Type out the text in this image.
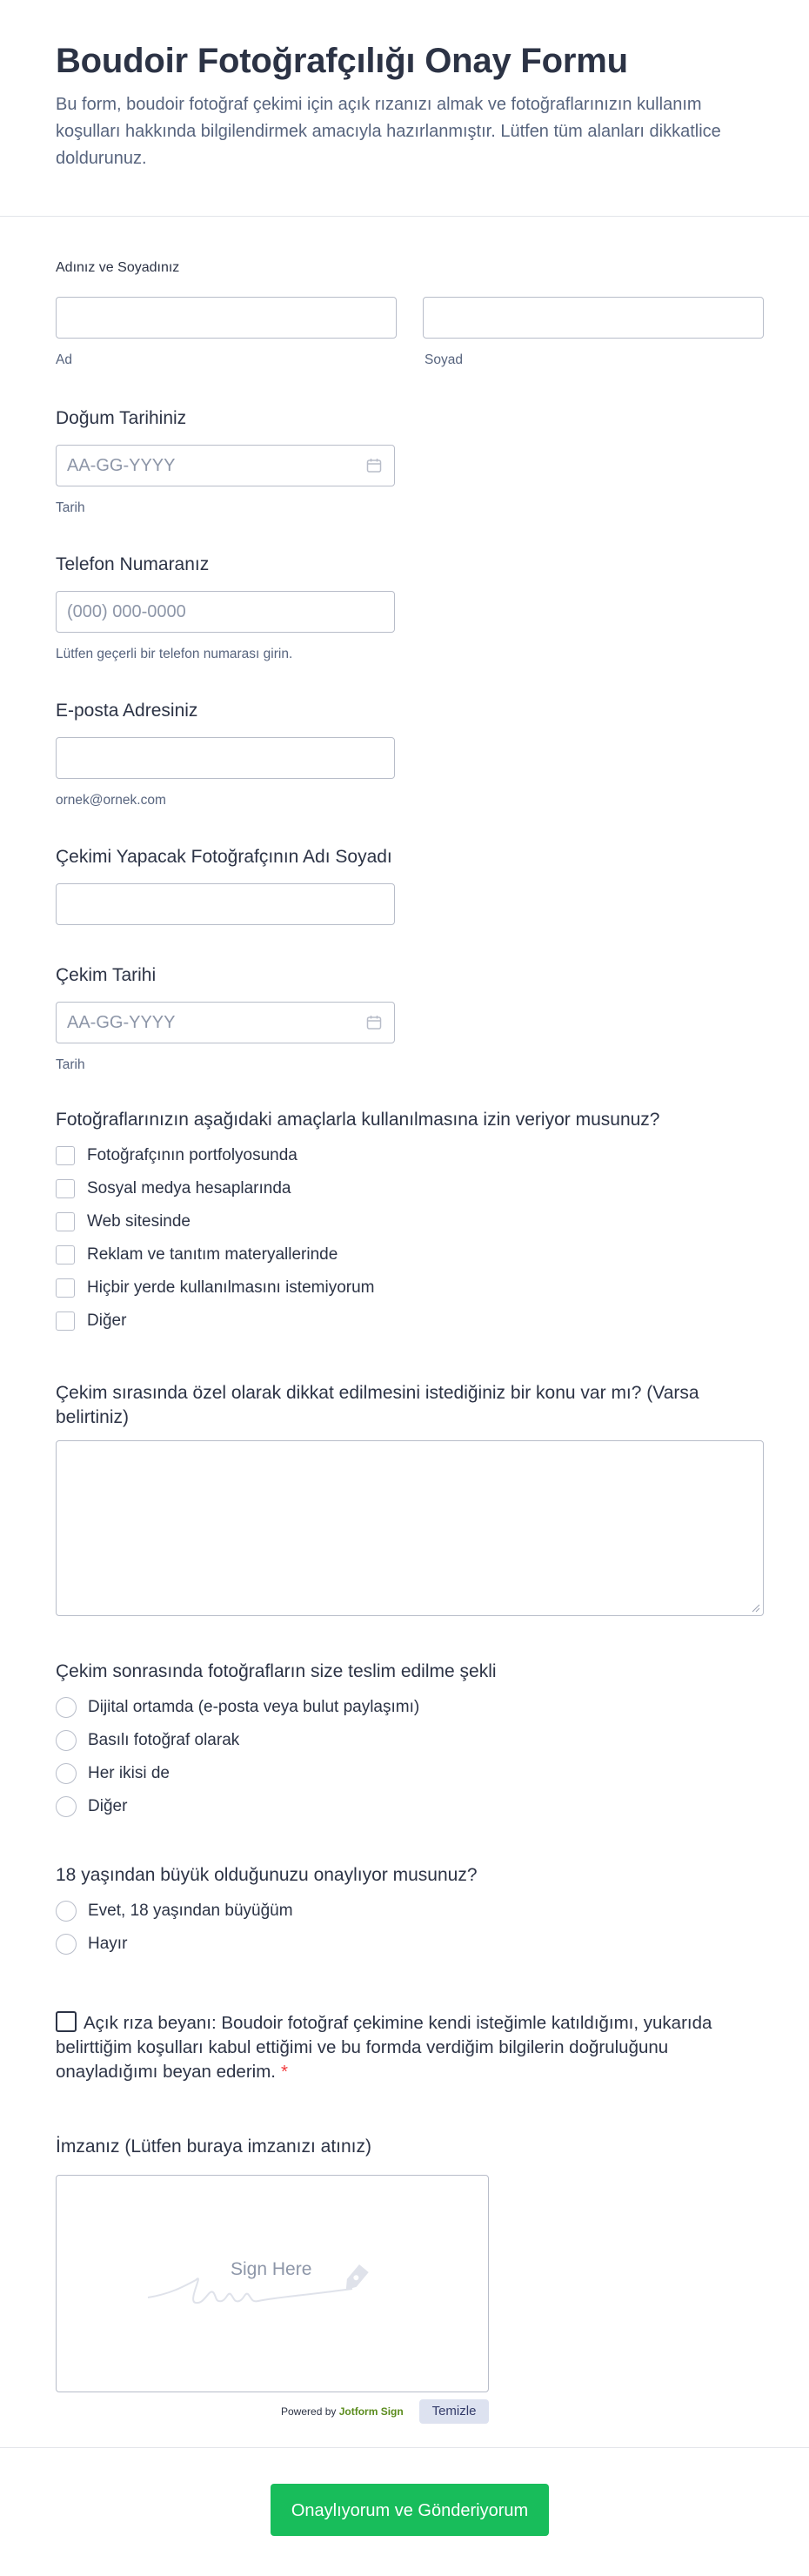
Boudoir Fotoğrafçılığı Onay Formu

Bu form, boudoir fotoğraf çekimi için açık rızanızı almak ve fotoğraflarınızın kullanım koşulları hakkında bilgilendirmek amacıyla hazırlanmıştır. Lütfen tüm alanları dikkatlice doldurunuz.

Adınız ve Soyadınız
Ad	Soyad
Doğum Tarihiniz
AA-GG-YYYY
Tarih
Telefon Numaranız
(000) 000-0000
Lütfen geçerli bir telefon numarası girin.
E-posta Adresiniz
ornek@ornek.com
Çekimi Yapacak Fotoğrafçının Adı Soyadı
Çekim Tarihi
AA-GG-YYYY
Tarih
Fotoğraflarınızın aşağıdaki amaçlarla kullanılmasına izin veriyor musunuz?
Fotoğrafçının portfolyosunda
Sosyal medya hesaplarında
Web sitesinde
Reklam ve tanıtım materyallerinde
Hiçbir yerde kullanılmasını istemiyorum
Diğer
Çekim sırasında özel olarak dikkat edilmesini istediğiniz bir konu var mı? (Varsa belirtiniz)
Çekim sonrasında fotoğrafların size teslim edilme şekli
Dijital ortamda (e-posta veya bulut paylaşımı)
Basılı fotoğraf olarak
Her ikisi de
Diğer
18 yaşından büyük olduğunuzu onaylıyor musunuz?
Evet, 18 yaşından büyüğüm
Hayır
Açık rıza beyanı: Boudoir fotoğraf çekimine kendi isteğimle katıldığımı, yukarıda belirttiğim koşulları kabul ettiğimi ve bu formda verdiğim bilgilerin doğruluğunu onayladığımı beyan ederim. *
İmzanız (Lütfen buraya imzanızı atınız)
Sign Here
Powered by Jotform Sign	Temizle
Onaylıyorum ve Gönderiyorum
